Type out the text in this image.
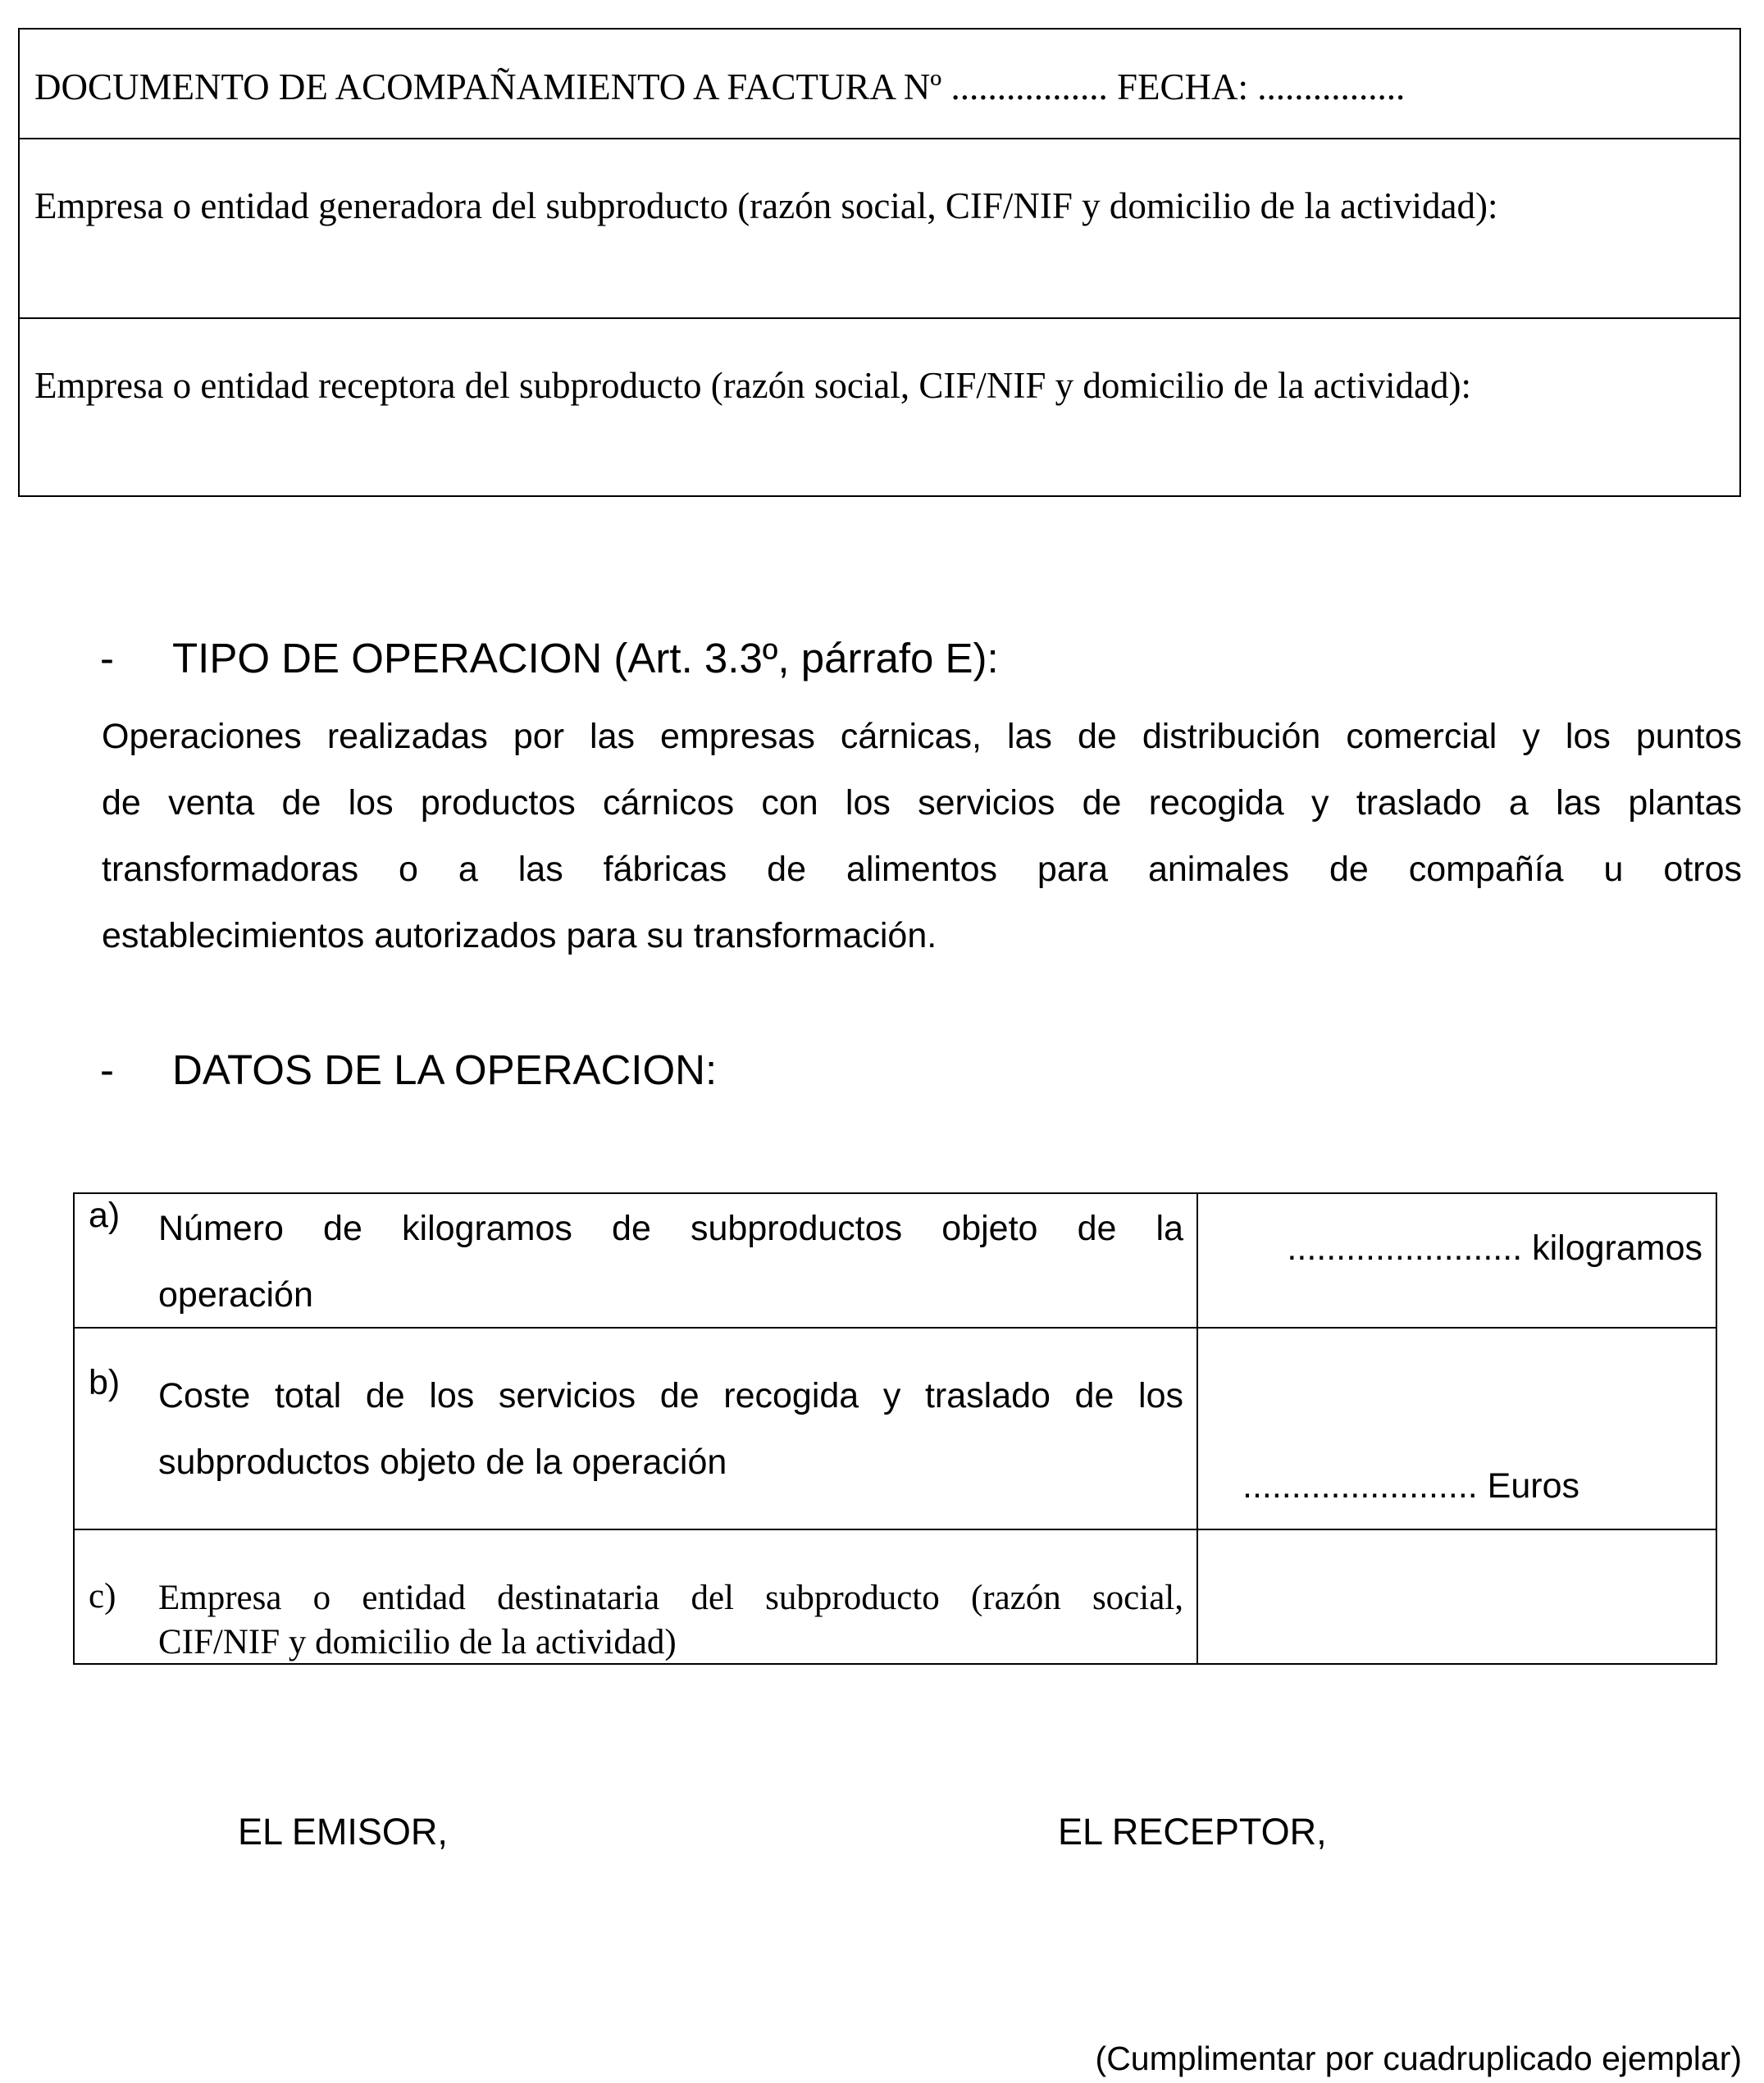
DOCUMENTO DE ACOMPAÑAMIENTO A FACTURA Nº ................. FECHA: ................
Empresa o entidad generadora del subproducto (razón social, CIF/NIF y domicilio de la actividad):
Empresa o entidad receptora del subproducto (razón social, CIF/NIF y domicilio de la actividad):
- TIPO DE OPERACION (Art. 3.3º, párrafo E):
Operaciones realizadas por las empresas cárnicas, las de distribución comercial y los puntos
de venta de los productos cárnicos con los servicios de recogida y traslado a las plantas
transformadoras o a las fábricas de alimentos para animales de compañía u otros
establecimientos autorizados para su transformación.
- DATOS DE LA OPERACION:
a) Número de kilogramos de subproductos objeto de la
operación
........................ kilogramos
b) Coste total de los servicios de recogida y traslado de los
subproductos objeto de la operación
........................ Euros
c) Empresa o entidad destinataria del subproducto (razón social,
CIF/NIF y domicilio de la actividad)
EL EMISOR,	EL RECEPTOR,
(Cumplimentar por cuadruplicado ejemplar)
